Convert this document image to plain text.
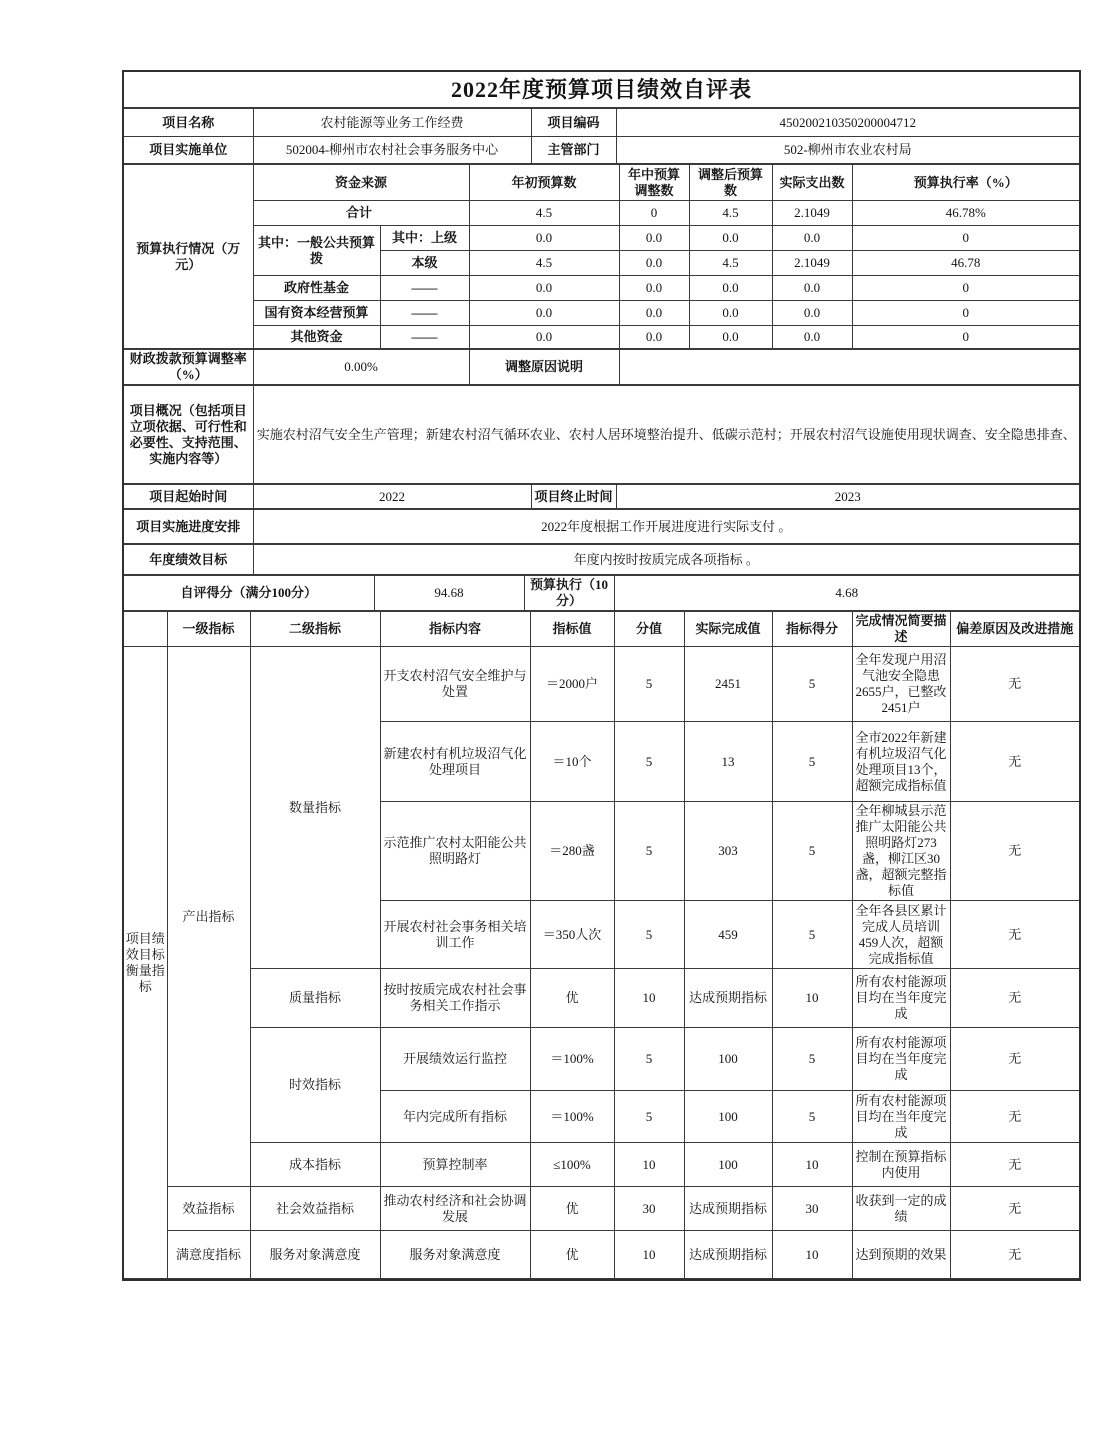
2022年度预算项目绩效自评表
项目名称	农村能源等业务工作经费	项目编码	450200210350200004712
项目实施单位	502004-柳州市农村社会事务服务中心	主管部门	502-柳州市农业农村局
预算执行情况（万元）	资金来源		年初预算数	年中预算调整数	调整后预算数	实际支出数	预算执行率（%）
	合计		4.5	0	4.5	2.1049	46.78%
	其中：一般公共预算拨	其中：上级	0.0	0.0	0.0	0.0	0
		本级	4.5	0.0	4.5	2.1049	46.78
	政府性基金	——	0.0	0.0	0.0	0.0	0
	国有资本经营预算	——	0.0	0.0	0.0	0.0	0
	其他资金	——	0.0	0.0	0.0	0.0	0
财政拨款预算调整率（%）	0.00%	调整原因说明	
项目概况（包括项目立项依据、可行性和必要性、支持范围、实施内容等）	实施农村沼气安全生产管理；新建农村沼气循环农业、农村人居环境整治提升、低碳示范村；开展农村沼气设施使用现状调查、安全隐患排查、
项目起始时间	2022	项目终止时间	2023
项目实施进度安排	2022年度根据工作开展进度进行实际支付 。
年度绩效目标	年度内按时按质完成各项指标 。
自评得分（满分100分）	94.68	预算执行（10分）	4.68
	一级指标	二级指标	指标内容	指标值	分值	实际完成值	指标得分	完成情况简要描述	偏差原因及改进措施
项目绩效目标衡量指标	产出指标	数量指标	开支农村沼气安全维护与处置	＝2000户	5	2451	5	全年发现户用沼气池安全隐患2655户，已整改2451户	无
			新建农村有机垃圾沼气化处理项目	＝10个	5	13	5	全市2022年新建有机垃圾沼气化处理项目13个，超额完成指标值	无
			示范推广农村太阳能公共照明路灯	＝280盏	5	303	5	全年柳城县示范推广太阳能公共照明路灯273盏，柳江区30盏，超额完整指标值	无
			开展农村社会事务相关培训工作	＝350人次	5	459	5	全年各县区累计完成人员培训459人次，超额完成指标值	无
		质量指标	按时按质完成农村社会事务相关工作指示	优	10	达成预期指标	10	所有农村能源项目均在当年度完成	无
		时效指标	开展绩效运行监控	＝100%	5	100	5	所有农村能源项目均在当年度完成	无
			年内完成所有指标	＝100%	5	100	5	所有农村能源项目均在当年度完成	无
		成本指标	预算控制率	≤100%	10	100	10	控制在预算指标内使用	无
	效益指标	社会效益指标	推动农村经济和社会协调发展	优	30	达成预期指标	30	收获到一定的成绩	无
	满意度指标	服务对象满意度	服务对象满意度	优	10	达成预期指标	10	达到预期的效果	无
